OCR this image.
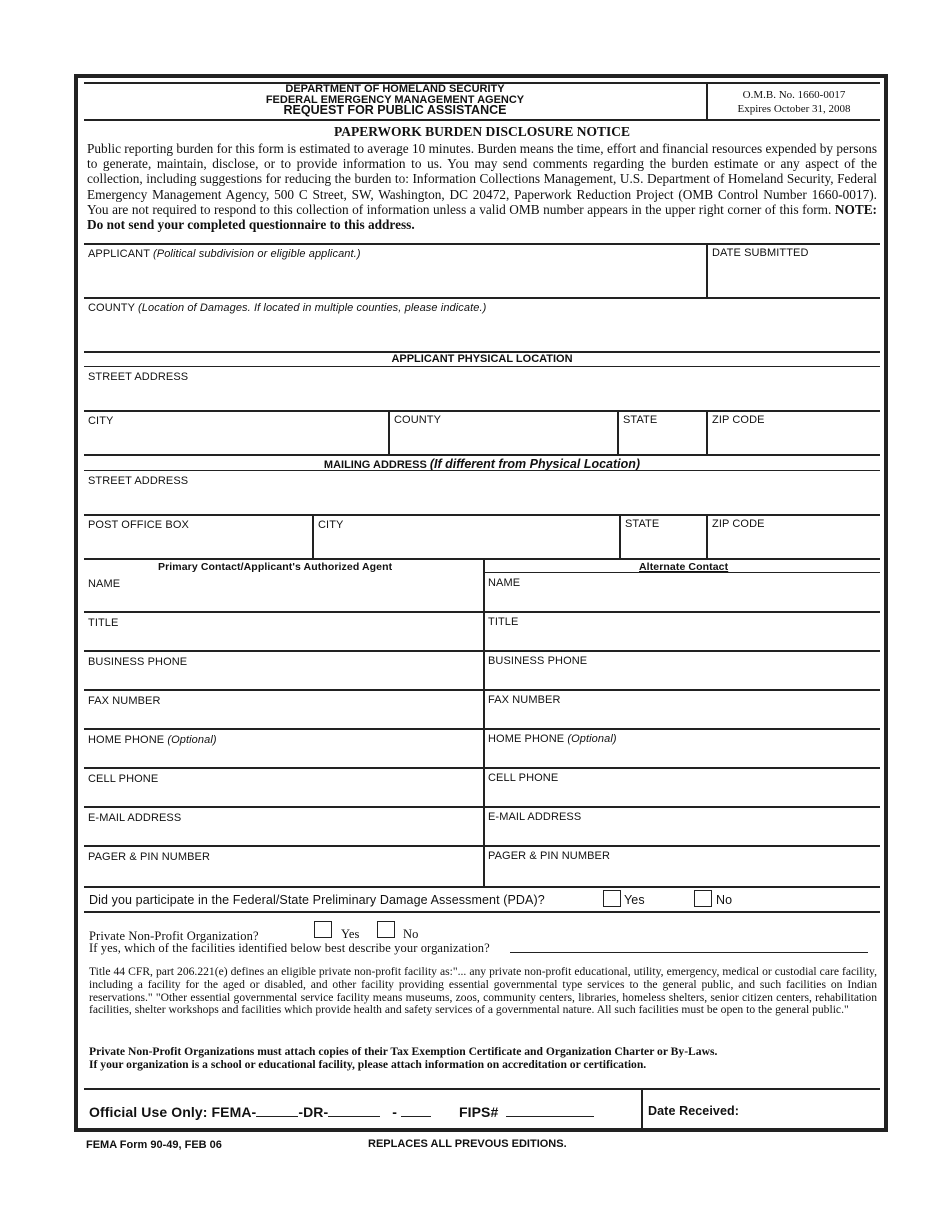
DEPARTMENT OF HOMELAND SECURITY
FEDERAL EMERGENCY MANAGEMENT AGENCY
REQUEST FOR PUBLIC ASSISTANCE
O.M.B. No. 1660-0017
Expires October 31, 2008
PAPERWORK BURDEN DISCLOSURE NOTICE
Public reporting burden for this form is estimated to average 10 minutes. Burden means the time, effort and financial resources expended by persons to generate, maintain, disclose, or to provide information to us. You may send comments regarding the burden estimate or any aspect of the collection, including suggestions for reducing the burden to: Information Collections Management, U.S. Department of Homeland Security, Federal Emergency Management Agency, 500 C Street, SW, Washington, DC 20472, Paperwork Reduction Project (OMB Control Number 1660-0017). You are not required to respond to this collection of information unless a valid OMB number appears in the upper right corner of this form. NOTE: Do not send your completed questionnaire to this address.
APPLICANT (Political subdivision or eligible applicant.)	DATE SUBMITTED
COUNTY (Location of Damages. If located in multiple counties, please indicate.)
APPLICANT PHYSICAL LOCATION
STREET ADDRESS
CITY	COUNTY	STATE	ZIP CODE
MAILING ADDRESS (If different from Physical Location)
STREET ADDRESS
POST OFFICE BOX	CITY	STATE	ZIP CODE
Primary Contact/Applicant's Authorized Agent	Alternate Contact
NAME	NAME
TITLE	TITLE
BUSINESS PHONE	BUSINESS PHONE
FAX NUMBER	FAX NUMBER
HOME PHONE (Optional)	HOME PHONE (Optional)
CELL PHONE	CELL PHONE
E-MAIL ADDRESS	E-MAIL ADDRESS
PAGER & PIN NUMBER	PAGER & PIN NUMBER
Did you participate in the Federal/State Preliminary Damage Assessment (PDA)?	Yes	No
Private Non-Profit Organization?	Yes	No
If yes, which of the facilities identified below best describe your organization?
Title 44 CFR, part 206.221(e) defines an eligible private non-profit facility as:"... any private non-profit educational, utility, emergency, medical or custodial care facility, including a facility for the aged or disabled, and other facility providing essential governmental type services to the general public, and such facilities on Indian reservations." "Other essential governmental service facility means museums, zoos, community centers, libraries, homeless shelters, senior citizen centers, rehabilitation facilities, shelter workshops and facilities which provide health and safety services of a governmental nature. All such facilities must be open to the general public."
Private Non-Profit Organizations must attach copies of their Tax Exemption Certificate and Organization Charter or By-Laws.
If your organization is a school or educational facility, please attach information on accreditation or certification.
Official Use Only: FEMA-	-DR-	-	FIPS#	Date Received:
FEMA Form 90-49, FEB 06	REPLACES ALL PREVOUS EDITIONS.
